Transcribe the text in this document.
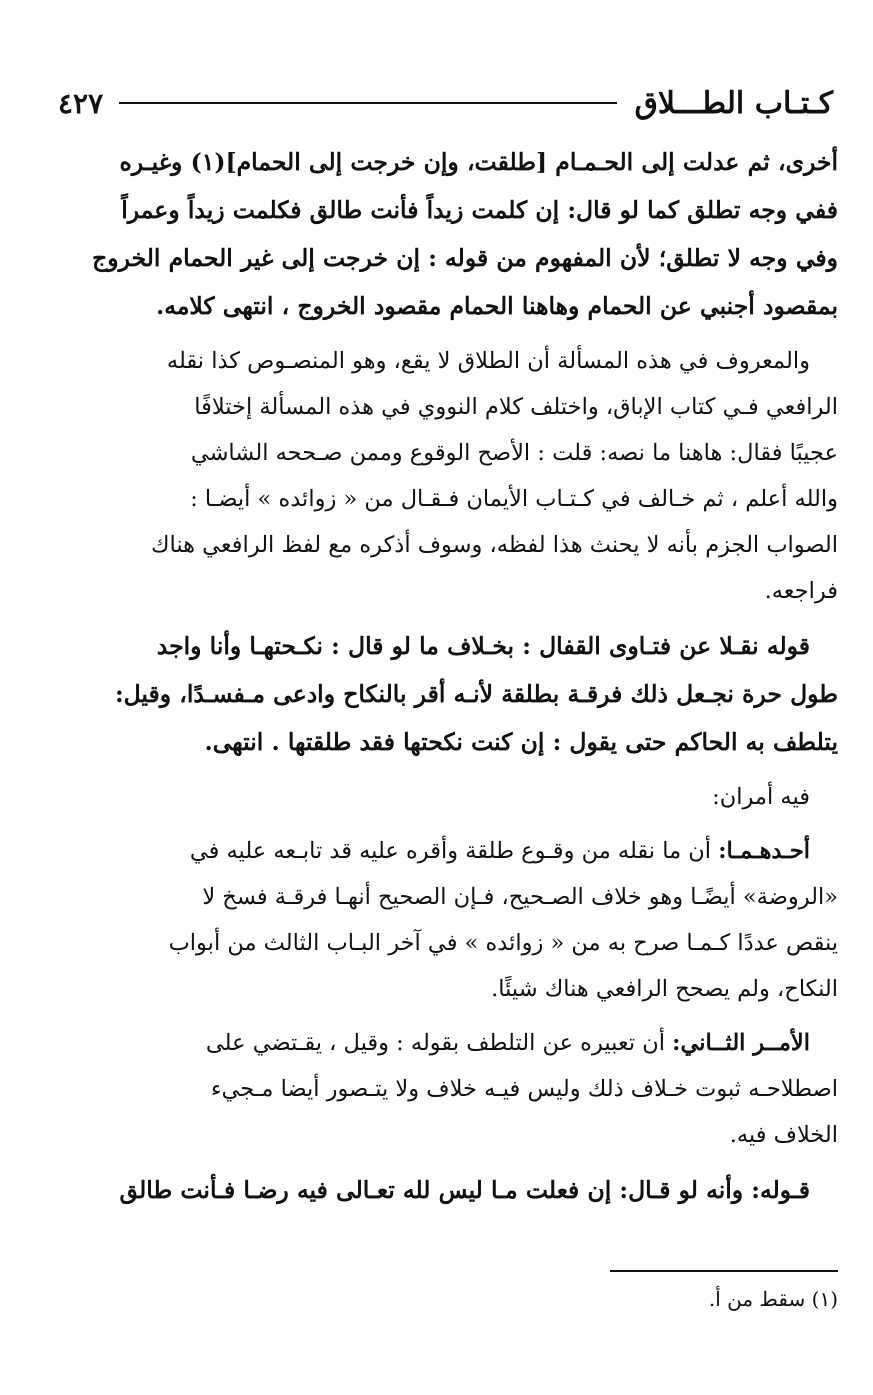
كـتـاب الطـــلاق
٤٢٧

أخرى، ثم عدلت إلى الحـمـام [طلقت، وإن خرجت إلى الحمام](١) وغيـره
ففي وجه تطلق كما لو قال: إن كلمت زيداً فأنت طالق فكلمت زيداً وعمراً
وفي وجه لا تطلق؛ لأن المفهوم من قوله : إن خرجت إلى غير الحمام الخروج
بمقصود أجنبي عن الحمام وهاهنا الحمام مقصود الخروج ، انتهى كلامه.

والمعروف في هذه المسألة أن الطلاق لا يقع، وهو المنصـوص كذا نقله
الرافعي فـي كتاب الإباق، واختلف كلام النووي في هذه المسألة إختلافًا
عجيبًا فقال: هاهنا ما نصه: قلت : الأصح الوقوع وممن صـححه الشاشي
والله أعلم ، ثم خـالف في كـتـاب الأيمان فـقـال من « زوائده » أيضـا :
الصواب الجزم بأنه لا يحنث هذا لفظه، وسوف أذكره مع لفظ الرافعي هناك
فراجعه.

قوله نقـلا عن فتـاوى القفال : بخـلاف ما لو قال : نكـحتهـا وأنا واجد
طول حرة نجـعل ذلك فرقـة بطلقة لأنـه أقر بالنكاح وادعى مـفسـدًا، وقيل:
يتلطف به الحاكم حتى يقول : إن كنت نكحتها فقد طلقتها . انتهى.

فيه أمران:

أحـدهـمـا: أن ما نقله من وقـوع طلقة وأقره عليه قد تابـعه عليه في
«الروضة» أيضًـا وهو خلاف الصـحيح، فـإن الصحيح أنهـا فرقـة فسخ لا
ينقص عددًا كـمـا صرح به من « زوائده » في آخر البـاب الثالث من أبواب
النكاح، ولم يصحح الرافعي هناك شيئًا.

الأمــر الثــاني: أن تعبيره عن التلطف بقوله : وقيل ، يقـتضي على
اصطلاحـه ثبوت خـلاف ذلك وليس فيـه خلاف ولا يتـصور أيضا مـجيء
الخلاف فيه.

قـوله: وأنه لو قـال: إن فعلت مـا ليس لله تعـالى فيه رضـا فـأنت طالق

(١) سقط من أ.
